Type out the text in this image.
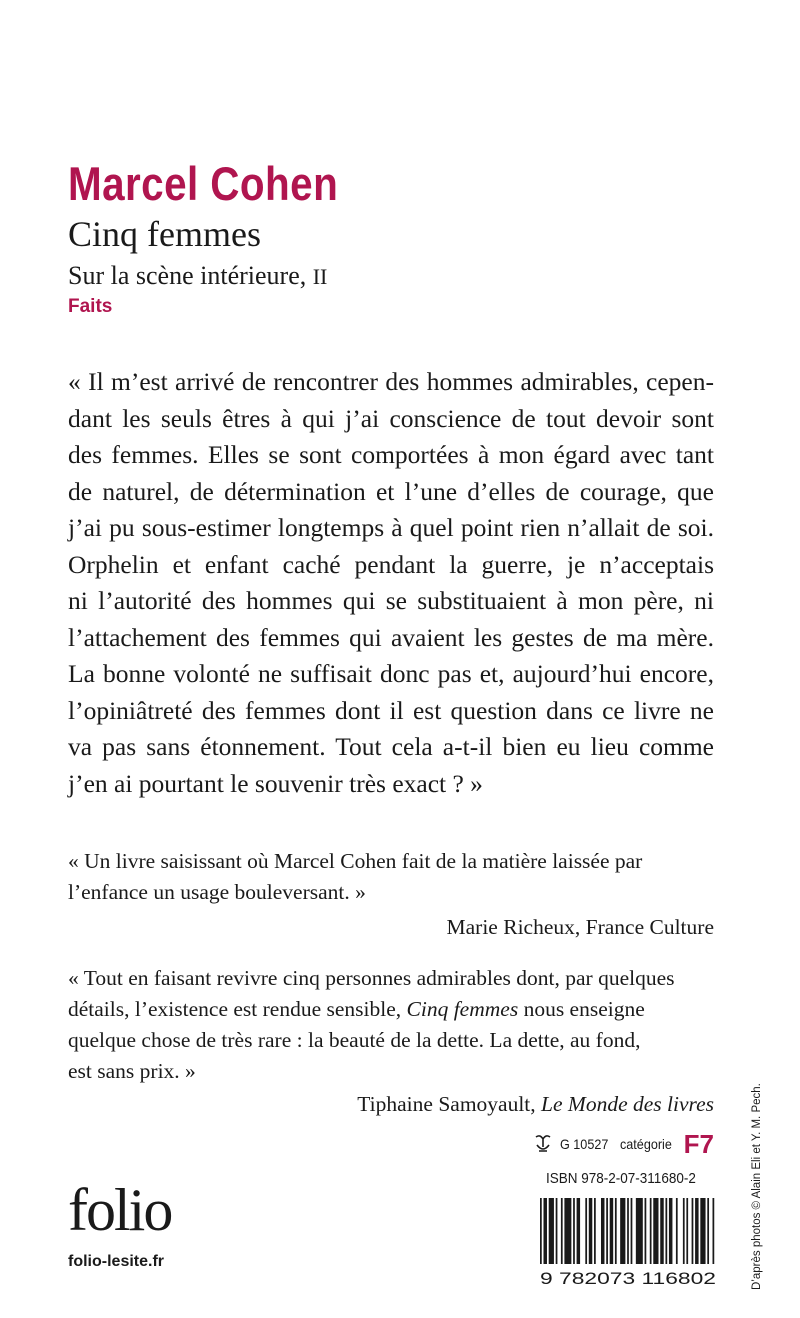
Marcel Cohen
Cinq femmes
Sur la scène intérieure, II
Faits
« Il m’est arrivé de rencontrer des hommes admirables, cepen-
dant les seuls êtres à qui j’ai conscience de tout devoir sont
des femmes. Elles se sont comportées à mon égard avec tant
de naturel, de détermination et l’une d’elles de courage, que
j’ai pu sous-estimer longtemps à quel point rien n’allait de soi.
Orphelin et enfant caché pendant la guerre, je n’acceptais
ni l’autorité des hommes qui se substituaient à mon père, ni
l’attachement des femmes qui avaient les gestes de ma mère.
La bonne volonté ne suffisait donc pas et, aujourd’hui encore,
l’opiniâtreté des femmes dont il est question dans ce livre ne
va pas sans étonnement. Tout cela a-t-il bien eu lieu comme
j’en ai pourtant le souvenir très exact ? »
« Un livre saisissant où Marcel Cohen fait de la matière laissée par
l’enfance un usage bouleversant. »
Marie Richeux, France Culture
« Tout en faisant revivre cinq personnes admirables dont, par quelques
détails, l’existence est rendue sensible, Cinq femmes nous enseigne
quelque chose de très rare : la beauté de la dette. La dette, au fond,
est sans prix. »
Tiphaine Samoyault, Le Monde des livres
G 10527 catégorie F7
ISBN 978-2-07-311680-2
9 782073 116802
folio
folio-lesite.fr	D’après photos © Alain Eli et Y. M. Pech.
